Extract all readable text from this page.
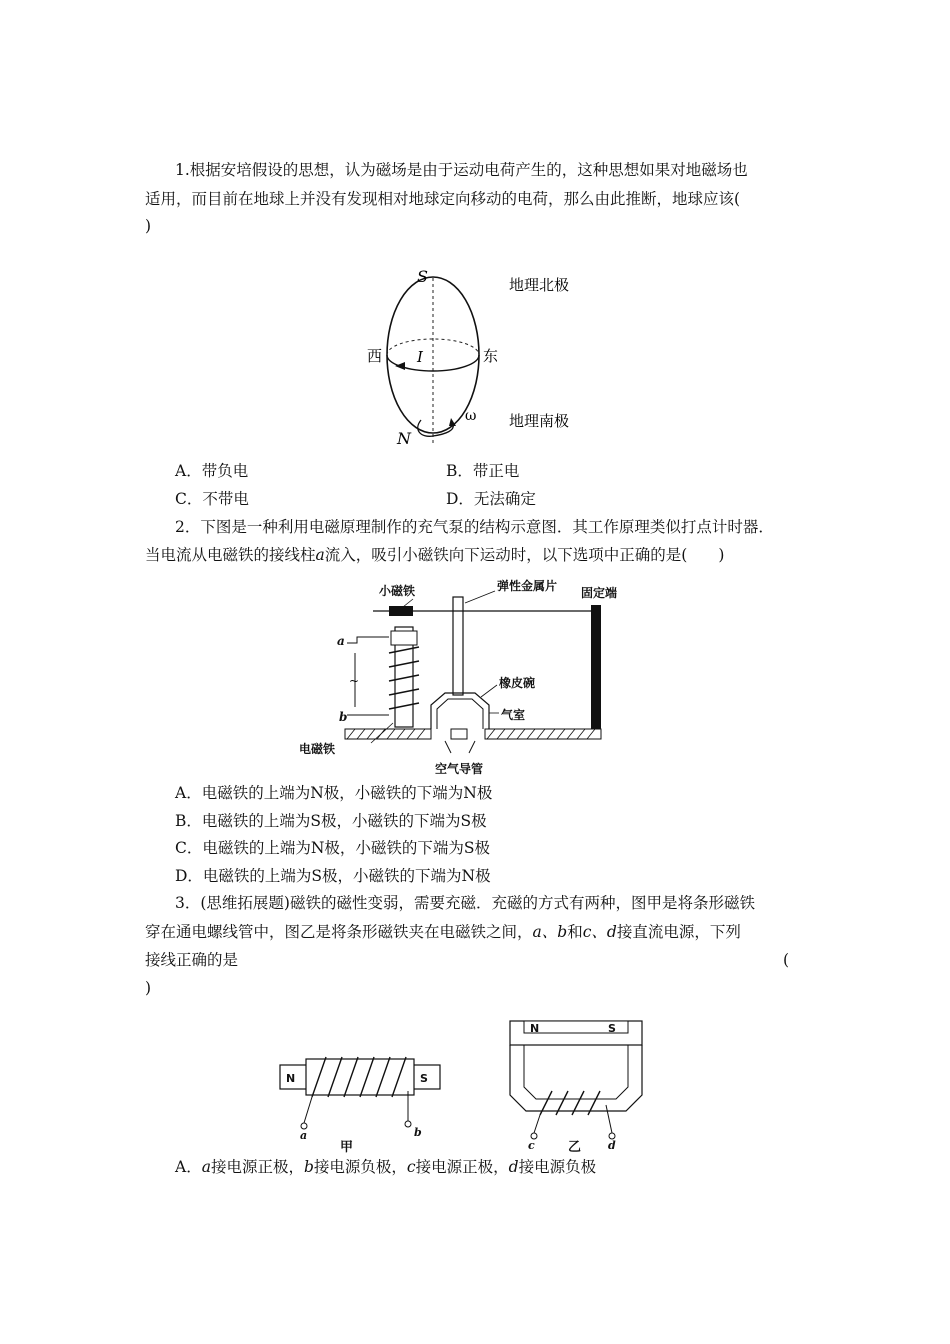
1.根据安培假设的思想，认为磁场是由于运动电荷产生的，这种思想如果对地磁场也
适用，而目前在地球上并没有发现相对地球定向移动的电荷，那么由此推断，地球应该(
)
S
N
西	东
I
ω
地理北极
地理南极
A．带负电	B．带正电
C．不带电	D．无法确定
2．下图是一种利用电磁原理制作的充气泵的结构示意图．其工作原理类似打点计时器．
当电流从电磁铁的接线柱a流入，吸引小磁铁向下运动时，以下选项中正确的是(　　)
小磁铁	弹性金属片 固定端
橡皮碗
气室
电磁铁
空气导管
a
b
~
A．电磁铁的上端为N极，小磁铁的下端为N极
B．电磁铁的上端为S极，小磁铁的下端为S极
C．电磁铁的上端为N极，小磁铁的下端为S极
D．电磁铁的上端为S极，小磁铁的下端为N极
3．(思维拓展题)磁铁的磁性变弱，需要充磁．充磁的方式有两种，图甲是将条形磁铁
穿在通电螺线管中，图乙是将条形磁铁夹在电磁铁之间，a、b和c、d接直流电源，下列
接线正确的是	(
)
N	S
N	S
甲	乙
a	b
c	d
A．a接电源正极，b接电源负极，c接电源正极，d接电源负极
